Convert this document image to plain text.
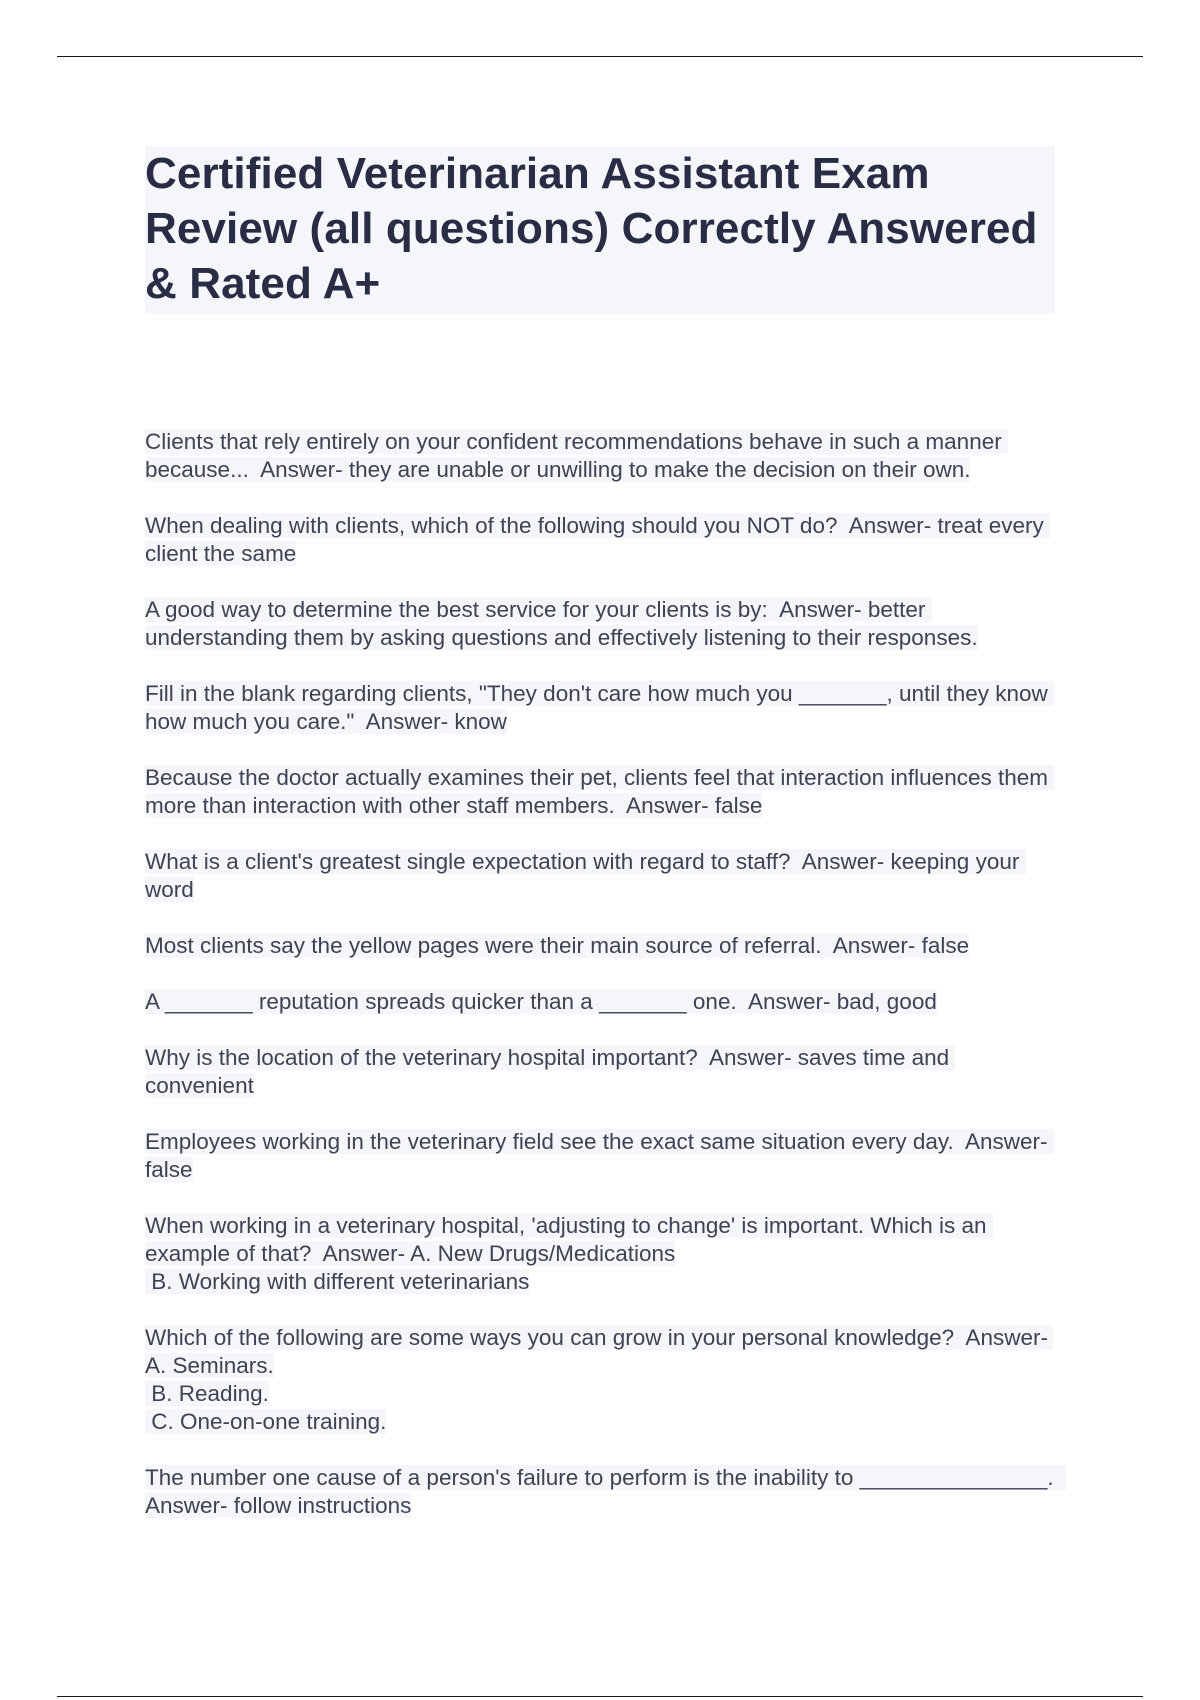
Certified Veterinarian Assistant Exam Review (all questions) Correctly Answered & Rated A+

Clients that rely entirely on your confident recommendations behave in such a manner because...  Answer- they are unable or unwilling to make the decision on their own.

When dealing with clients, which of the following should you NOT do?  Answer- treat every client the same

A good way to determine the best service for your clients is by:  Answer- better understanding them by asking questions and effectively listening to their responses.

Fill in the blank regarding clients, "They don't care how much you _______, until they know how much you care."  Answer- know

Because the doctor actually examines their pet, clients feel that interaction influences them more than interaction with other staff members.  Answer- false

What is a client's greatest single expectation with regard to staff?  Answer- keeping your word

Most clients say the yellow pages were their main source of referral.  Answer- false

A _______ reputation spreads quicker than a _______ one.  Answer- bad, good

Why is the location of the veterinary hospital important?  Answer- saves time and convenient

Employees working in the veterinary field see the exact same situation every day.  Answer- false

When working in a veterinary hospital, 'adjusting to change' is important. Which is an example of that?  Answer- A. New Drugs/Medications
B. Working with different veterinarians

Which of the following are some ways you can grow in your personal knowledge?  Answer- A. Seminars.
B. Reading.
C. One-on-one training.

The number one cause of a person's failure to perform is the inability to _______________.  Answer- follow instructions
